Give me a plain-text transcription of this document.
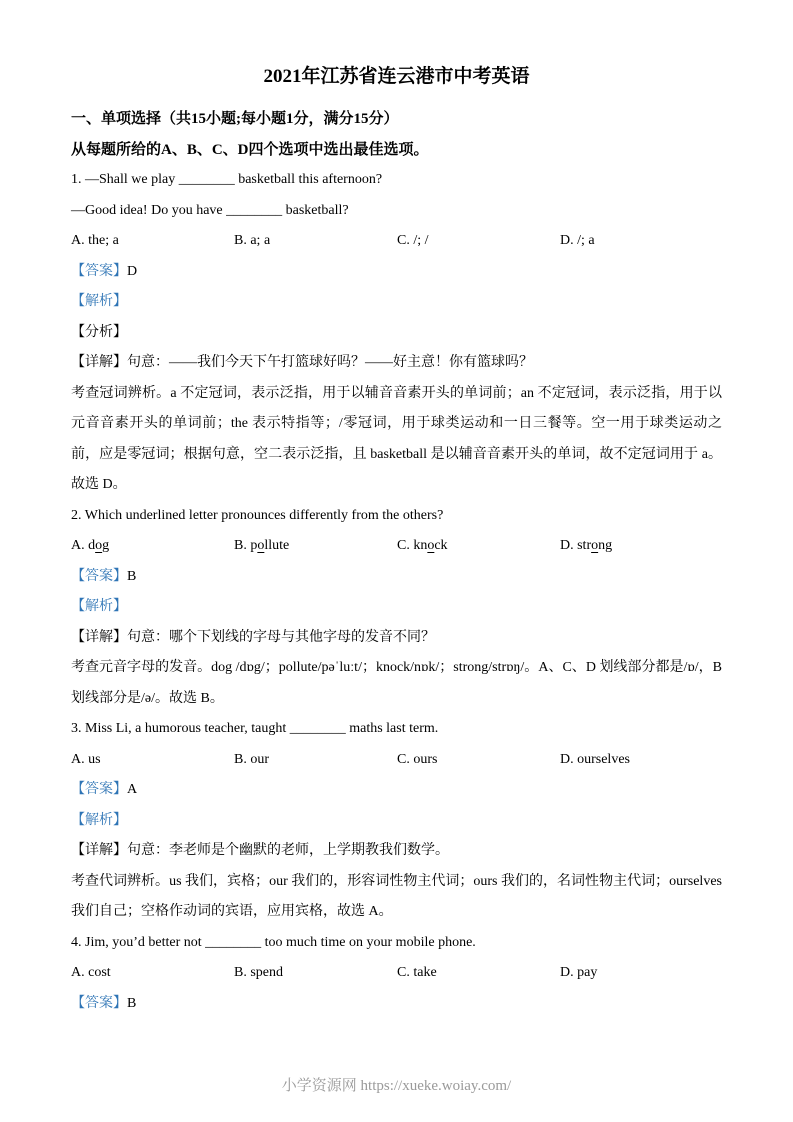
2021年江苏省连云港市中考英语
一、单项选择（共15小题;每小题1分，满分15分）
从每题所给的A、B、C、D四个选项中选出最佳选项。
1. —Shall we play ________ basketball this afternoon?
—Good idea! Do you have ________ basketball?
A. the; a	B. a; a	C. /; /	D. /; a
【答案】D
【解析】
【分析】
【详解】句意：——我们今天下午打篮球好吗？——好主意！你有篮球吗？
考查冠词辨析。a 不定冠词，表示泛指，用于以辅音音素开头的单词前；an 不定冠词，表示泛指，用于以元音音素开头的单词前；the 表示特指等；/零冠词，用于球类运动和一日三餐等。空一用于球类运动之前，应是零冠词；根据句意，空二表示泛指，且 basketball 是以辅音音素开头的单词，故不定冠词用于 a。故选 D。
2. Which underlined letter pronounces differently from the others?
A. dog	B. pollute	C. knock	D. strong
【答案】B
【解析】
【详解】句意：哪个下划线的字母与其他字母的发音不同？
考查元音字母的发音。dog /dɒg/；pollute/pəˈluːt/；knock/nɒk/；strong/strɒŋ/。A、C、D 划线部分都是/ɒ/，B 划线部分是/ə/。故选 B。
3. Miss Li, a humorous teacher, taught ________ maths last term.
A. us	B. our	C. ours	D. ourselves
【答案】A
【解析】
【详解】句意：李老师是个幽默的老师，上学期教我们数学。
考查代词辨析。us 我们，宾格；our 我们的，形容词性物主代词；ours 我们的，名词性物主代词；ourselves 我们自己；空格作动词的宾语，应用宾格，故选 A。
4. Jim, you’d better not ________ too much time on your mobile phone.
A. cost	B. spend	C. take	D. pay
【答案】B
小学资源网 https://xueke.woiay.com/
